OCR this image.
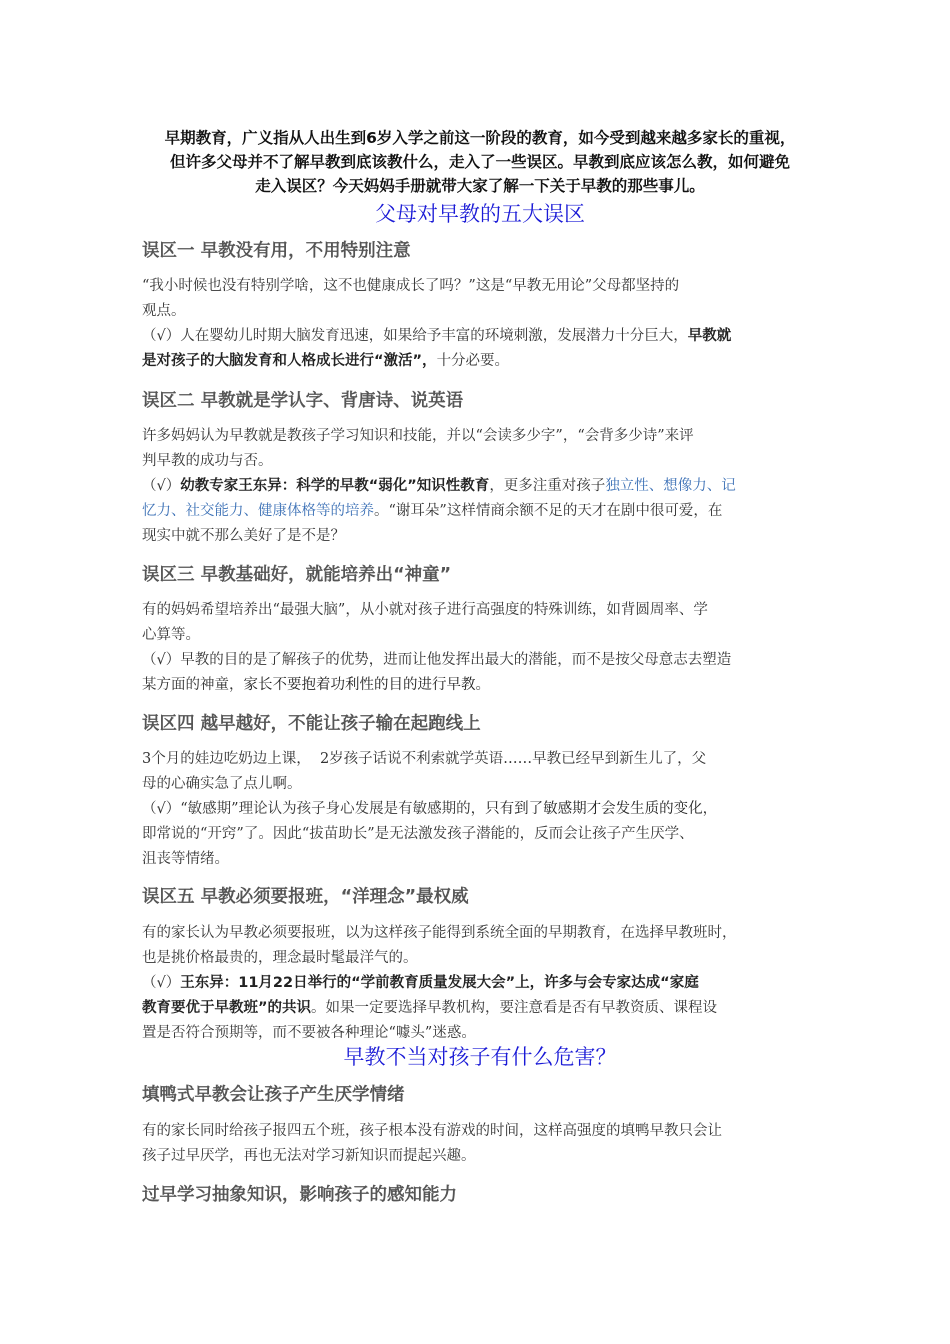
早期教育，广义指从人出生到6岁入学之前这一阶段的教育，如今受到越来越多家长的重视，
但许多父母并不了解早教到底该教什么，走入了一些误区。早教到底应该怎么教，如何避免
走入误区？今天妈妈手册就带大家了解一下关于早教的那些事儿。
父母对早教的五大误区
误区一 早教没有用，不用特别注意
“我小时候也没有特别学啥，这不也健康成长了吗？”这是“早教无用论”父母都坚持的
观点。
（√）人在婴幼儿时期大脑发育迅速，如果给予丰富的环境刺激，发展潜力十分巨大，早教就
是对孩子的大脑发育和人格成长进行“激活”，十分必要。
误区二 早教就是学认字、背唐诗、说英语
许多妈妈认为早教就是教孩子学习知识和技能，并以“会读多少字”，“会背多少诗”来评
判早教的成功与否。
（√）幼教专家王东异：科学的早教“弱化”知识性教育，更多注重对孩子独立性、想像力、记
忆力、社交能力、健康体格等的培养。“谢耳朵”这样情商余额不足的天才在剧中很可爱，在
现实中就不那么美好了是不是？
误区三 早教基础好，就能培养出“神童”
有的妈妈希望培养出“最强大脑”，从小就对孩子进行高强度的特殊训练，如背圆周率、学
心算等。
（√）早教的目的是了解孩子的优势，进而让他发挥出最大的潜能，而不是按父母意志去塑造
某方面的神童，家长不要抱着功利性的目的进行早教。
误区四 越早越好，不能让孩子输在起跑线上
3个月的娃边吃奶边上课，  2岁孩子话说不利索就学英语……早教已经早到新生儿了，父
母的心确实急了点儿啊。
（√）“敏感期”理论认为孩子身心发展是有敏感期的，只有到了敏感期才会发生质的变化，
即常说的“开窍”了。因此“拔苗助长”是无法激发孩子潜能的，反而会让孩子产生厌学、
沮丧等情绪。
误区五 早教必须要报班，“洋理念”最权威
有的家长认为早教必须要报班，以为这样孩子能得到系统全面的早期教育，在选择早教班时，
也是挑价格最贵的，理念最时髦最洋气的。
（√）王东异：11月22日举行的“学前教育质量发展大会”上，许多与会专家达成“家庭
教育要优于早教班”的共识。如果一定要选择早教机构，要注意看是否有早教资质、课程设
置是否符合预期等，而不要被各种理论“噱头”迷惑。
早教不当对孩子有什么危害？
填鸭式早教会让孩子产生厌学情绪
有的家长同时给孩子报四五个班，孩子根本没有游戏的时间，这样高强度的填鸭早教只会让
孩子过早厌学，再也无法对学习新知识而提起兴趣。
过早学习抽象知识，影响孩子的感知能力
